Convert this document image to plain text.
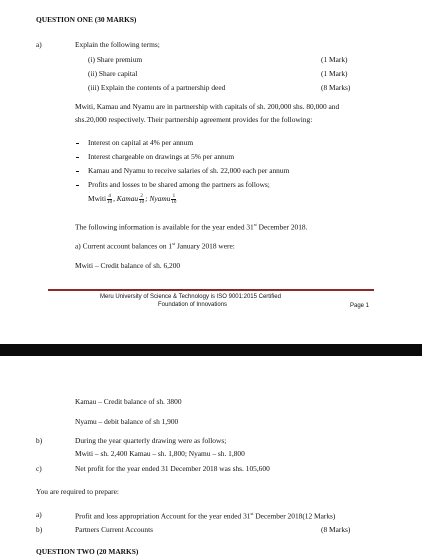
QUESTION ONE (30 MARKS)
a)	Explain the following terms;
(i) Share premium	(1 Mark)
(ii) Share capital	(1 Mark)
(iii) Explain the contents of a partnership deed	(8 Marks)
Mwiti, Kamau and Nyamu are in partnership with capitals of sh. 200,000 shs. 80,000 and
shs.20,000 respectively. Their partnership agreement provides for the following:
Interest on capital at 4% per annum
Interest chargeable on drawings at 5% per annum
Kamau and Nyamu to receive salaries of sh. 22,000 each per annum
Profits and losses to be shared among the partners as follows;
Mwiti $\frac{4}{10}$ , Kamau $\frac{2}{10}$ ; Nyamu $\frac{1}{10}$
The following information is available for the year ended 31st December 2018.
a) Current account balances on 1st January 2018 were:
Mwiti – Credit balance of sh. 6,200
Meru University of Science & Technology is ISO 9001:2015 Certified
Foundation of Innovations	Page 1
Kamau – Credit balance of sh. 3800
Nyamu – debit balance of sh 1,900
b)	During the year quarterly drawing were as follows;
Mwiti – sh. 2,400 Kamau – sh. 1,800; Nyamu – sh. 1,800
c)	Net profit for the year ended 31 December 2018 was shs. 105,600
You are required to prepare:
a)	Profit and loss appropriation Account for the year ended 31st December 2018(12 Marks)
b)	Partners Current Accounts	(8 Marks)
QUESTION TWO (20 MARKS)
